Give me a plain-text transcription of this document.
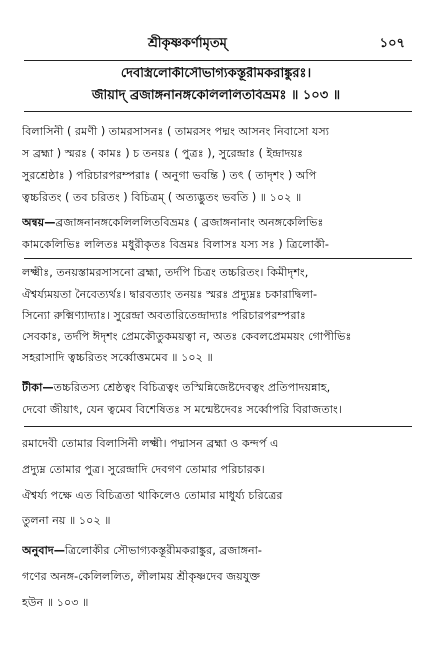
শ্রীকৃষ্ণকর্ণামৃতম্	১০৭
দেবস্ত্রিলোকীসৌভাগ্যকস্তূরীমকরাঙ্কুরঃ।
জীয়াদ্ ব্রজাঙ্গনানঙ্গকেলিললিতবিভ্রমঃ ॥ ১০৩ ॥
বিলাসিনী ( রমণী ) তামরসাসনঃ ( তামরসং পদ্মং আসনং নিবাসো যস্য
স ব্রহ্মা ) স্মরঃ ( কামঃ ) চ তনয়ঃ ( পুত্রঃ ), সুরেন্দ্রাঃ ( ইন্দ্রাদয়ঃ
সুরশ্রেষ্ঠাঃ ) পরিচারপরম্পরাঃ ( অনুগা ভবন্তি ) তৎ ( তাদৃশং ) অপি
ত্বচ্চরিতং ( তব চরিতং ) বিচিত্রম্ ( অত্যদ্ভুতং ভবতি ) ॥ ১০২ ॥
অন্বয়—ব্রজাঙ্গনানঙ্গকেলিললিতবিভ্রমঃ ( ব্রজাঙ্গনানাং অনঙ্গকেলিভিঃ
কামকেলিভিঃ ললিতঃ মধুরীকৃতঃ বিভ্রমঃ বিলাসঃ যস্য সঃ ) ত্রিলোকী-
লক্ষ্মীঃ, তনয়স্তামরসাসনো ব্রহ্মা, তর্দপি চিত্রং তচ্চরিতং। কিমীদৃশং,
ঐশ্বর্য্যময়তা নৈবেত্যর্থঃ। দ্বারবত্যাং তনয়ঃ স্মরঃ প্রদ্যুম্নঃ চকারাদ্বিলা-
সিন্যো রুক্মিণ্যাদ্যাঃ। সুরেন্দ্রা অবতারিতেন্দ্রাদ্যাঃ পরিচারপরম্পরাঃ
সেবকাঃ, তর্দপি ঈদৃশং প্রেমকৌতুকময়ত্বা ন, অতঃ কেবলপ্রেমময়ং গোপীভিঃ
সহরাসাদি ত্বচ্চরিতং সর্ব্বোত্তমমেব ॥ ১০২ ॥
টীকা—তচ্চরিতস্য শ্রেষ্ঠত্বং বিচিত্রত্বং তস্মিন্নিজেষ্টদেবত্বং প্রতিপাদয়ন্নাহ,
দেবো জীয়াৎ, যেন ত্বমেব বিশেষিতঃ স মন্মেষ্টদেবঃ সর্ব্বোপরি বিরাজতাং।
রমাদেবী তোমার বিলাসিনী লক্ষ্মী। পদ্মাসন ব্রহ্মা ও কন্দর্প এ
প্রদ্যুম্ন তোমার পুত্র। সুরেন্দ্রাদি দেবগণ তোমার পরিচারক।
ঐশ্বর্য্য পক্ষে এত বিচিত্রতা থাকিলেও তোমার মাধুর্য্য চরিত্রের
তুলনা নয় ॥ ১০২ ॥
অনুবাদ—ত্রিলোকীর সৌভাগ্যকস্তূরীমকরাঙ্কুর, ব্রজাঙ্গনা-
গণের অনঙ্গ-কেলিললিত, লীলাময় শ্রীকৃষ্ণদেব জয়যুক্ত
হউন ॥ ১০৩ ॥
